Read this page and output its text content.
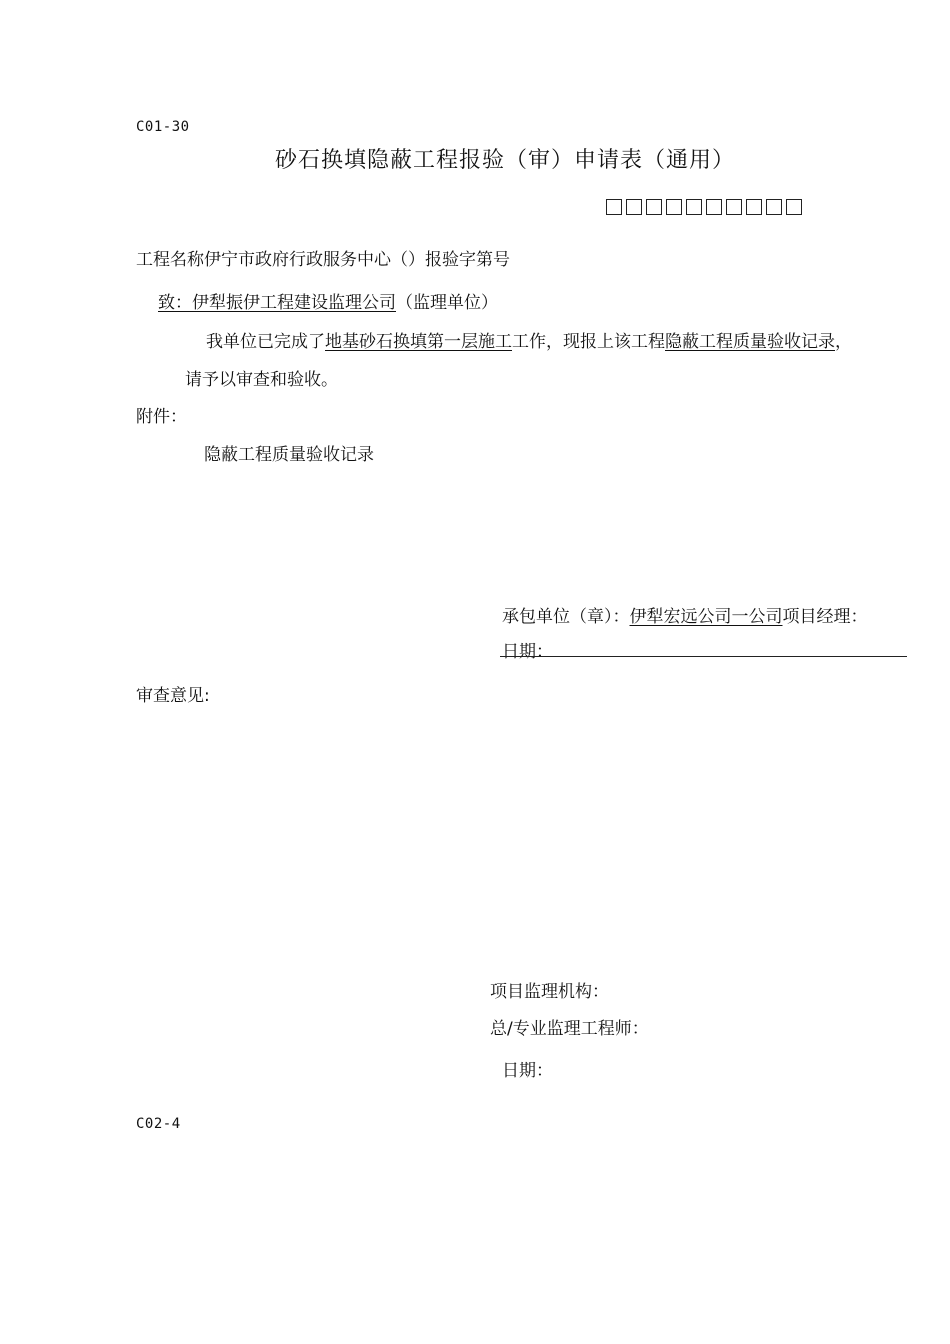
C01-30
砂石换填隐蔽工程报验（审）申请表（通用）
工程名称伊宁市政府行政服务中心（）报验字第号
致：伊犁振伊工程建设监理公司（监理单位）
我单位已完成了地基砂石换填第一层施工工作，现报上该工程隐蔽工程质量验收记录，
请予以审查和验收。
附件：
隐蔽工程质量验收记录
承包单位（章）：伊犁宏远公司一公司项目经理：
日期：
审查意见:
项目监理机构：
总/专业监理工程师：
日期：
C02-4
